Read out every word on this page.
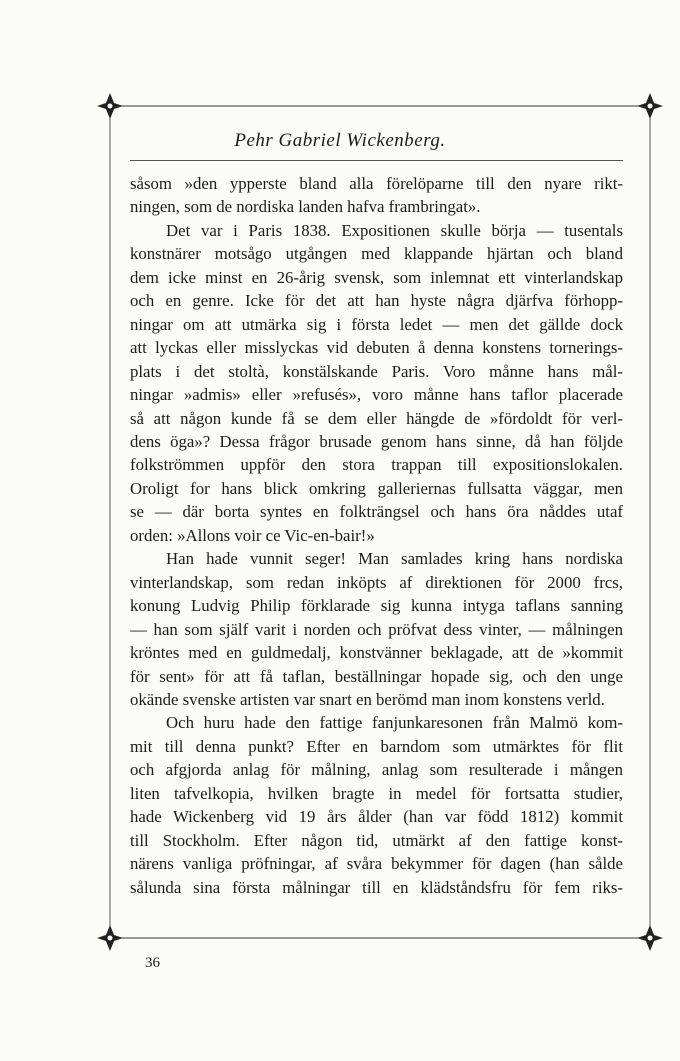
Pehr Gabriel Wickenberg.
såsom »den ypperste bland alla förelöparne till den nyare rikt-
ningen, som de nordiska landen hafva frambringat».
Det var i Paris 1838. Expositionen skulle börja — tusentals
konstnärer motsågo utgången med klappande hjärtan och bland
dem icke minst en 26-årig svensk, som inlemnat ett vinterlandskap
och en genre. Icke för det att han hyste några djärfva förhopp-
ningar om att utmärka sig i första ledet — men det gällde dock
att lyckas eller misslyckas vid debuten å denna konstens tornerings-
plats i det stoltà, konstälskande Paris. Voro månne hans mål-
ningar »admis» eller »refusés», voro månne hans taflor placerade
så att någon kunde få se dem eller hängde de »fördoldt för verl-
dens öga»? Dessa frågor brusade genom hans sinne, då han följde
folkströmmen uppför den stora trappan till expositionslokalen.
Oroligt for hans blick omkring galleriernas fullsatta väggar, men
se — där borta syntes en folkträngsel och hans öra nåddes utaf
orden: »Allons voir ce Vic-en-bair!»
Han hade vunnit seger! Man samlades kring hans nordiska
vinterlandskap, som redan inköpts af direktionen för 2000 frcs,
konung Ludvig Philip förklarade sig kunna intyga taflans sanning
— han som själf varit i norden och pröfvat dess vinter, — målningen
kröntes med en guldmedalj, konstvänner beklagade, att de »kommit
för sent» för att få taflan, beställningar hopade sig, och den unge
okände svenske artisten var snart en berömd man inom konstens verld.
Och huru hade den fattige fanjunkaresonen från Malmö kom-
mit till denna punkt? Efter en barndom som utmärktes för flit
och afgjorda anlag för målning, anlag som resulterade i mången
liten tafvelkopia, hvilken bragte in medel för fortsatta studier,
hade Wickenberg vid 19 års ålder (han var född 1812) kommit
till Stockholm. Efter någon tid, utmärkt af den fattige konst-
närens vanliga pröfningar, af svåra bekymmer för dagen (han sålde
sålunda sina första målningar till en klädståndsfru för fem riks-
36
